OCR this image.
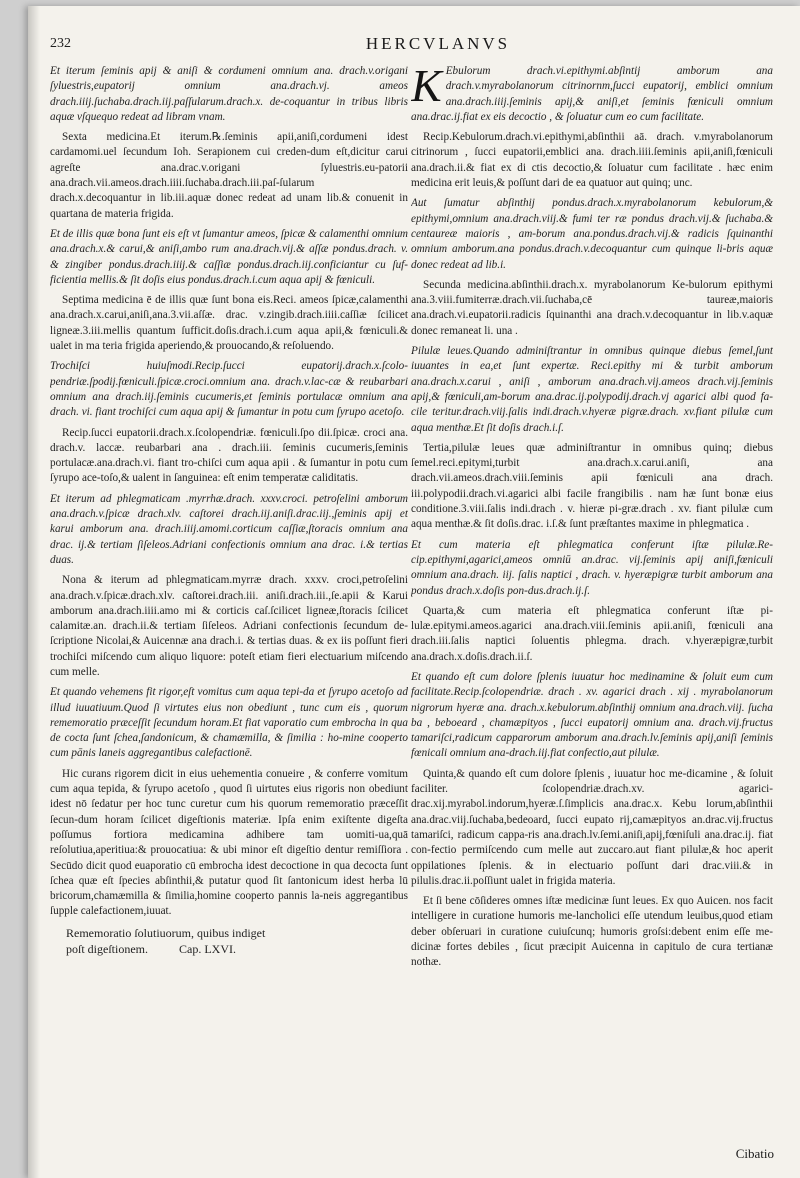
232	HERCVLANVS

Et iterum ſeminis apij & aniſi & cordumeni omnium ana. drach.v.origani ſyluestris,eupatorij omnium ana.drach.vj. ameos drach.iiij.ſuchaba.drach.iij.paſſularum.drach.x. de-coquantur in tribus libris aquæ vſquequo redeat ad libram vnam.

Sexta medicina.Et iterum.℞.ſeminis apii,aniſi,cordumeni idest cardamomi.uel ſecundum Ioh. Serapionem cui creden-dum eſt,dicitur carui agreſte ana.drac.v.origani ſyluestris.eu-patorii ana.drach.vii.ameos.drach.iiii.ſuchaba.drach.iii.paſ-ſularum drach.x.decoquantur in lib.iii.aquæ donec redeat ad unam lib.& conuenit in quartana de materia frigida.

Et de illis quæ bona ſunt eis eſt vt ſumantur ameos, ſpicæ & calamenthi omnium ana.drach.x.& carui,& aniſi,ambo rum ana.drach.vij.& aſſæ pondus.drach. v. & zingiber pondus.drach.iiij.& caſſiæ pondus.drach.iij.conficiantur cu ſuf-ficientia mellis.& ſit doſis eius pondus.drach.i.cum aqua apij & fœniculi.

Septima medicina ē de illis quæ ſunt bona eis.Reci. ameos ſpicæ,calamenthi ana.drach.x.carui,aniſi,ana.3.vii.aſſæ. drac. v.zingib.drach.iiii.caſſiæ ſcilicet ligneæ.3.iii.mellis quantum ſufficit.doſis.drach.i.cum aqua apii,& fœniculi.& ualet in ma teria frigida aperiendo,& prouocando,& reſoluendo.

Trochiſci huiuſmodi.Recip.ſucci eupatorij.drach.x.ſcolo-pendriæ.ſpodij.fœniculi.ſpicæ.croci.omnium ana. drach.v.lac-cæ & reubarbari omnium ana drach.iij.ſeminis cucumeris,et ſeminis portulacæ omnium ana drach. vi. fiant trochiſci cum aqua apij & ſumantur in potu cum ſyrupo acetoſo.

Recip.ſucci eupatorii.drach.x.ſcolopendriæ. fœniculi.ſpo dii.ſpicæ. croci ana. drach.v. laccæ. reubarbari ana . drach.iii. ſeminis cucumeris,ſeminis portulacæ.ana.drach.vi. fiant tro-chiſci cum aqua apii . & ſumantur in potu cum ſyrupo ace-toſo,& ualent in ſanguinea: eſt enim temperatæ caliditatis.

Et iterum ad phlegmaticam .myrrhæ.drach. xxxv.croci. petroſelini amborum ana.drach.v.ſpicæ drach.xlv. caſtorei drach.iij.aniſi.drac.iij.,ſeminis apij et karui amborum ana. drach.iiij.amomi.corticum caſſiæ,ſtoracis omnium ana drac. ij.& tertiam ſiſeleos.Adriani confectionis omnium ana drac. i.& tertias duas.

Nona & iterum ad phlegmaticam.myrræ drach. xxxv. croci,petroſelini ana.drach.v.ſpicæ.drach.xlv. caſtorei.drach.iii. aniſi.drach.iii.,ſe.apii & Karui amborum ana.drach.iiii.amo mi & corticis caſ.ſcilicet ligneæ,ſtoracis ſcilicet calamitæ.an. drach.ii.& tertiam ſiſeleos. Adriani confectionis ſecundum de-ſcriptione Nicolai,& Auicennæ ana drach.i. & tertias duas. & ex iis poſſunt fieri trochiſci miſcendo cum aliquo liquore: poteſt etiam fieri electuarium miſcendo cum melle.

Et quando vehemens fit rigor,eſt vomitus cum aqua tepi-da et ſyrupo acetoſo ad illud iuuatiuum.Quod ſi virtutes eius non obediunt , tunc cum eis , quorum rememoratio præceſſit ſecundum horam.Et fiat vaporatio cum embrocha in qua de cocta ſunt ſchea,ſandonicum, & chamæmilla, & ſimilia : ho-mine cooperto cum pānis laneis aggregantibus calefactionē.

Hic curans rigorem dicit in eius uehementia conueire , & conferre vomitum cum aqua tepida, & ſyrupo acetoſo , quod ſi uirtutes eius rigoris non obediunt idest nō ſedatur per hoc tunc curetur cum his quorum rememoratio præceſſit ſecun-dum horam ſcilicet digeſtionis materiæ. Ipſa enim exiſtente digeſta poſſumus fortiora medicamina adhibere tam uomiti-ua,quā reſolutiua,aperitiua:& prouocatiua: & ubi minor eſt digeſtio dentur remiſſiora . Secūdo dicit quod euaporatio cū embrocha idest decoctione in qua decocta ſunt ſchea quæ eſt ſpecies abſinthii,& putatur quod ſit ſantonicum idest herba lū bricorum,chamæmilla & ſimilia,homine cooperto pannis la-neis aggregantibus ſupple calefactionem,iuuat.

Rememoratio ſolutiuorum, quibus indiget
poſt digeſtionem.	Cap. LXVI.

K Ebulorum drach.vi.epithymi.abſintij amborum ana drach.v.myrabolanorum citrinornm,ſucci eupatorij, emblici omnium ana.drach.iiij.ſeminis apij,& aniſi,et ſeminis fœniculi omnium ana.drac.ij.fiat ex eis decoctio , & ſoluatur cum eo cum facilitate.

Recip.Kebulorum.drach.vi.epithymi,abſinthii aā. drach. v.myrabolanorum citrinorum , ſucci eupatorii,emblici ana. drach.iiii.ſeminis apii,aniſi,fœniculi ana.drach.ii.& fiat ex di ctis decoctio,& ſoluatur cum facilitate . hæc enim medicina erit leuis,& poſſunt dari de ea quatuor aut quinq; unc.

Aut ſumatur abſinthij pondus.drach.x.myrabolanorum kebulorum,& epithymi,omnium ana.drach.viij.& fumi ter ræ pondus drach.vij.& ſuchaba.& centaureæ maioris , am-borum ana.pondus.drach.vij.& radicis ſquinanthi omnium amborum.ana pondus.drach.v.decoquantur cum quinque li-bris aquæ donec redeat ad lib.i.

Secunda medicina.abſinthii.drach.x. myrabolanorum Ke-bulorum epithymi ana.3.viii.fumiterræ.drach.vii.ſuchaba,cē taureæ,maioris ana.drach.vi.eupatorii.radicis ſquinanthi ana drach.v.decoquantur in lib.v.aquæ donec remaneat li. una .

Pilulæ leues.Quando adminiſtrantur in omnibus quinque diebus ſemel,ſunt iuuantes in ea,et ſunt expertæ. Reci.epithy mi & turbit amborum ana.drach.x.carui , aniſi , amborum ana.drach.vij.ameos drach.vij.ſeminis apij,& fœniculi,am-borum ana.drac.ij.polypodij.drach.vj agarici albi quod fa-cile teritur.drach.viij.ſalis indi.drach.v.hyeræ pigræ.drach. xv.fiant pilulæ cum aqua menthæ.Et ſit doſis drach.i.ſ.

Tertia,pilulæ leues quæ adminiſtrantur in omnibus quinq; diebus ſemel.reci.epitymi,turbit ana.drach.x.carui.aniſi, ana drach.vii.ameos.drach.viii.ſeminis apii fœniculi ana drach. iii.polypodii.drach.vi.agarici albi facile frangibilis . nam hæ ſunt bonæ eius conditione.3.viii.ſalis indi.drach . v. hieræ pi-græ.drach . xv. fiant pilulæ cum aqua menthæ.& ſit doſis.drac. i.ſ.& ſunt præſtantes maxime in phlegmatica .

Et cum materia eſt phlegmatica conferunt iſtæ pilulæ.Re-cip.epithymi,agarici,ameos omniū an.drac. vij.ſeminis apij aniſi,fœniculi omnium ana.drach. iij. ſalis naptici , drach. v. hyeræpigræ turbit amborum ana pondus drach.x.doſis pon-dus.drach.ij.ſ.

Quarta,& cum materia eſt phlegmatica conferunt iſtæ pi-lulæ.epitymi.ameos.agarici ana.drach.viii.ſeminis apii.aniſi, fœniculi ana drach.iii.ſalis naptici ſoluentis phlegma. drach. v.hyeræpigræ,turbit ana.drach.x.doſis.drach.ii.ſ.

Et quando eſt cum dolore ſplenis iuuatur hoc medinamine & ſoluit eum cum facilitate.Recip.ſcolopendriæ. drach . xv. agarici drach . xij . myrabolanorum nigrorum hyeræ ana. drach.x.kebulorum.abſinthij omnium ana.drach.viij. ſucha ba , beboeard , chamæpityos , ſucci eupatorij omnium ana. drach.vij.fructus tamariſci,radicum capparorum amborum ana.drach.lv.ſeminis apij,aniſi ſeminis fœnicali omnium ana-drach.iij.fiat confectio,aut pilulæ.

Quinta,& quando eſt cum dolore ſplenis , iuuatur hoc me-dicamine , & ſoluit faciliter. ſcolopendriæ.drach.xv. agarici-drac.xij.myrabol.indorum,hyeræ.ſ.ſimplicis ana.drac.x. Kebu lorum,abſinthii ana.drac.viij.ſuchaba,bedeoard, ſucci eupato rij,camæpityos an.drac.vij.fructus tamariſci, radicum cappa-ris ana.drach.lv.ſemi.aniſi,apij,fœniſuli ana.drac.ij. fiat con-fectio permiſcendo cum melle aut zuccaro.aut fiant pilulæ,& hoc aperit oppilationes ſplenis. & in electuario poſſunt dari drac.viii.& in pilulis.drac.ii.poſſiunt ualet in frigida materia.

Et ſi bene cōſideres omnes iſtæ medicinæ ſunt leues. Ex quo Auicen. nos facit intelligere in curatione humoris me-lancholici eſſe utendum leuibus,quod etiam deber obſeruari in curatione cuiuſcunq; humoris groſsi:debent enim eſſe me-dicinæ fortes debiles , ſicut præcipit Auicenna in capitulo de cura tertianæ nothæ.

Cibatio
